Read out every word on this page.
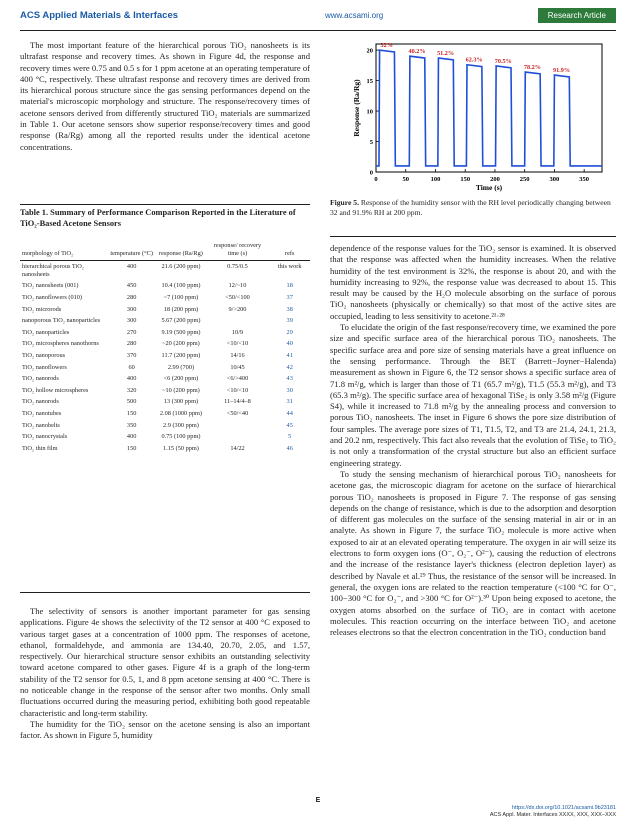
ACS Applied Materials & Interfaces	www.acsami.org	Research Article

The most important feature of the hierarchical porous TiO₂ nanosheets is its ultrafast response and recovery times. As shown in Figure 4d, the response and recovery times were 0.75 and 0.5 s for 1 ppm acetone at an operating temperature of 400 °C, respectively. These ultrafast response and recovery times are derived from its hierarchical porous structure since the gas sensing performances depend on the material's microscopic morphology and structure. The response/recovery times of acetone sensors derived from differently structured TiO₂ materials are summarized in Table 1. Our acetone sensors show superior response/recovery times and good response (Ra/Rg) among all the reported results under the identical acetone concentrations.

Table 1. Summary of Performance Comparison Reported in the Literature of TiO₂-Based Acetone Sensors
morphology of TiO₂	temperature (°C)	response (Ra/Rg)	response/ recovery time (s)	refs
hierarchical porous TiO₂ nanosheets	400	21.6 (200 ppm)	0.75/0.5	this work
TiO₂ nanosheets (001)	450	10.4 (100 ppm)	12/~10	18
TiO₂ nanoflowers (010)	280	~7 (100 ppm)	<50/<100	37
TiO₂ microrods	300	18 (200 ppm)	9/>200	38
nanoporous TiO₂ nanoparticles	300	5.67 (200 ppm)		39
TiO₂ nanoparticles	270	9.19 (500 ppm)	10/9	29
TiO₂ microspheres nanothorns	280	~20 (200 ppm)	<10/<10	40
TiO₂ nanoporous	370	11.7 (200 ppm)	14/16	41
TiO₂ nanoflowers	60	2.99 (700)	10/45	42
TiO₂ nanorods	400	<6 (200 ppm)	<6/>400	43
TiO₂ hollow microspheres	320	~10 (200 ppm)	<10/<10	30
TiO₂ nanorods	500	13 (300 ppm)	11–14/4–8	31
TiO₂ nanotubes	150	2.08 (1000 ppm)	<50/<40	44
TiO₂ nanobelts	350	2.9 (300 ppm)		45
TiO₂ nanocrystals	400	0.75 (100 ppm)		5
TiO₂ thin film	150	1.15 (50 ppm)	14/22	46

The selectivity of sensors is another important parameter for gas sensing applications. Figure 4e shows the selectivity of the T2 sensor at 400 °C exposed to various target gases at a concentration of 1000 ppm. The responses of acetone, ethanol, formaldehyde, and ammonia are 134.40, 20.70, 2.05, and 1.57, respectively. Our hierarchical structure sensor exhibits an outstanding selectivity toward acetone compared to other gases. Figure 4f is a graph of the long-term stability of the T2 sensor for 0.5, 1, and 8 ppm acetone sensing at 400 °C. There is no noticeable change in the response of the sensor after two months. Only small fluctuations occurred during the measuring period, exhibiting both good repeatable characteristic and long-term stability.

The humidity for the TiO₂ sensor on the acetone sensing is also an important factor. As shown in Figure 5, humidity

0	50	100	150	200	250	300	350
0
5
10
15
20
Time (s)
Response (Ra/Rg)
32%
40.2% 51.2%
62.3% 70.5%
78.2% 91.9%
Figure 5. Response of the humidity sensor with the RH level periodically changing between 32 and 91.9% RH at 200 ppm.

dependence of the response values for the TiO₂ sensor is examined. It is observed that the response was affected when the humidity increases. When the relative humidity of the test environment is 32%, the response is about 20, and with the humidity increasing to 92%, the response value was decreased to about 15. This result may be caused by the H₂O molecule absorbing on the surface of porous TiO₂ nanosheets (physically or chemically) so that most of the active sites are occupied, leading to less sensitivity to acetone.²¹·²⁸

To elucidate the origin of the fast response/recovery time, we examined the pore size and specific surface area of the hierarchical porous TiO₂ nanosheets. The specific surface area and pore size of sensing materials have a great influence on the sensing performance. Through the BET (Barrett−Joyner−Halenda) measurement as shown in Figure 6, the T2 sensor shows a specific surface area of 71.8 m²/g, which is larger than those of T1 (65.7 m²/g), T1.5 (55.3 m²/g), and T3 (65.3 m²/g). The specific surface area of hexagonal TiSe₂ is only 3.58 m²/g (Figure S4), while it increased to 71.8 m²/g by the annealing process and conversion to porous TiO₂ nanosheets. The inset in Figure 6 shows the pore size distribution of four samples. The average pore sizes of T1, T1.5, T2, and T3 are 21.4, 24.1, 21.3, and 20.2 nm, respectively. This fact also reveals that the evolution of TiSe₂ to TiO₂ is not only a transformation of the crystal structure but also an efficient surface engineering strategy.

To study the sensing mechanism of hierarchical porous TiO₂ nanosheets for acetone gas, the microscopic diagram for acetone on the surface of hierarchical porous TiO₂ nanosheets is proposed in Figure 7. The response of gas sensing depends on the change of resistance, which is due to the adsorption and desorption of different gas molecules on the surface of the sensing material in air or in an analyte. As shown in Figure 7, the surface TiO₂ molecule is more active when exposed to air at an elevated operating temperature. The oxygen in air will seize its electrons to form oxygen ions (O⁻, O₂⁻, O²⁻), causing the reduction of electrons and the increase of the resistance layer's thickness (electron depletion layer) as described by Navale et al.²⁹ Thus, the resistance of the sensor will be increased. In general, the oxygen ions are related to the reaction temperature (<100 °C for O⁻, 100−300 °C for O₂⁻, and >300 °C for O²⁻).³⁰ Upon being exposed to acetone, the oxygen atoms absorbed on the surface of TiO₂ are in contact with acetone molecules. This reaction occurring on the interface between TiO₂ and acetone releases electrons so that the electron concentration in the TiO₂ conduction band

E
https://dx.doi.org/10.1021/acsami.9b23181
ACS Appl. Mater. Interfaces XXXX, XXX, XXX−XXX
